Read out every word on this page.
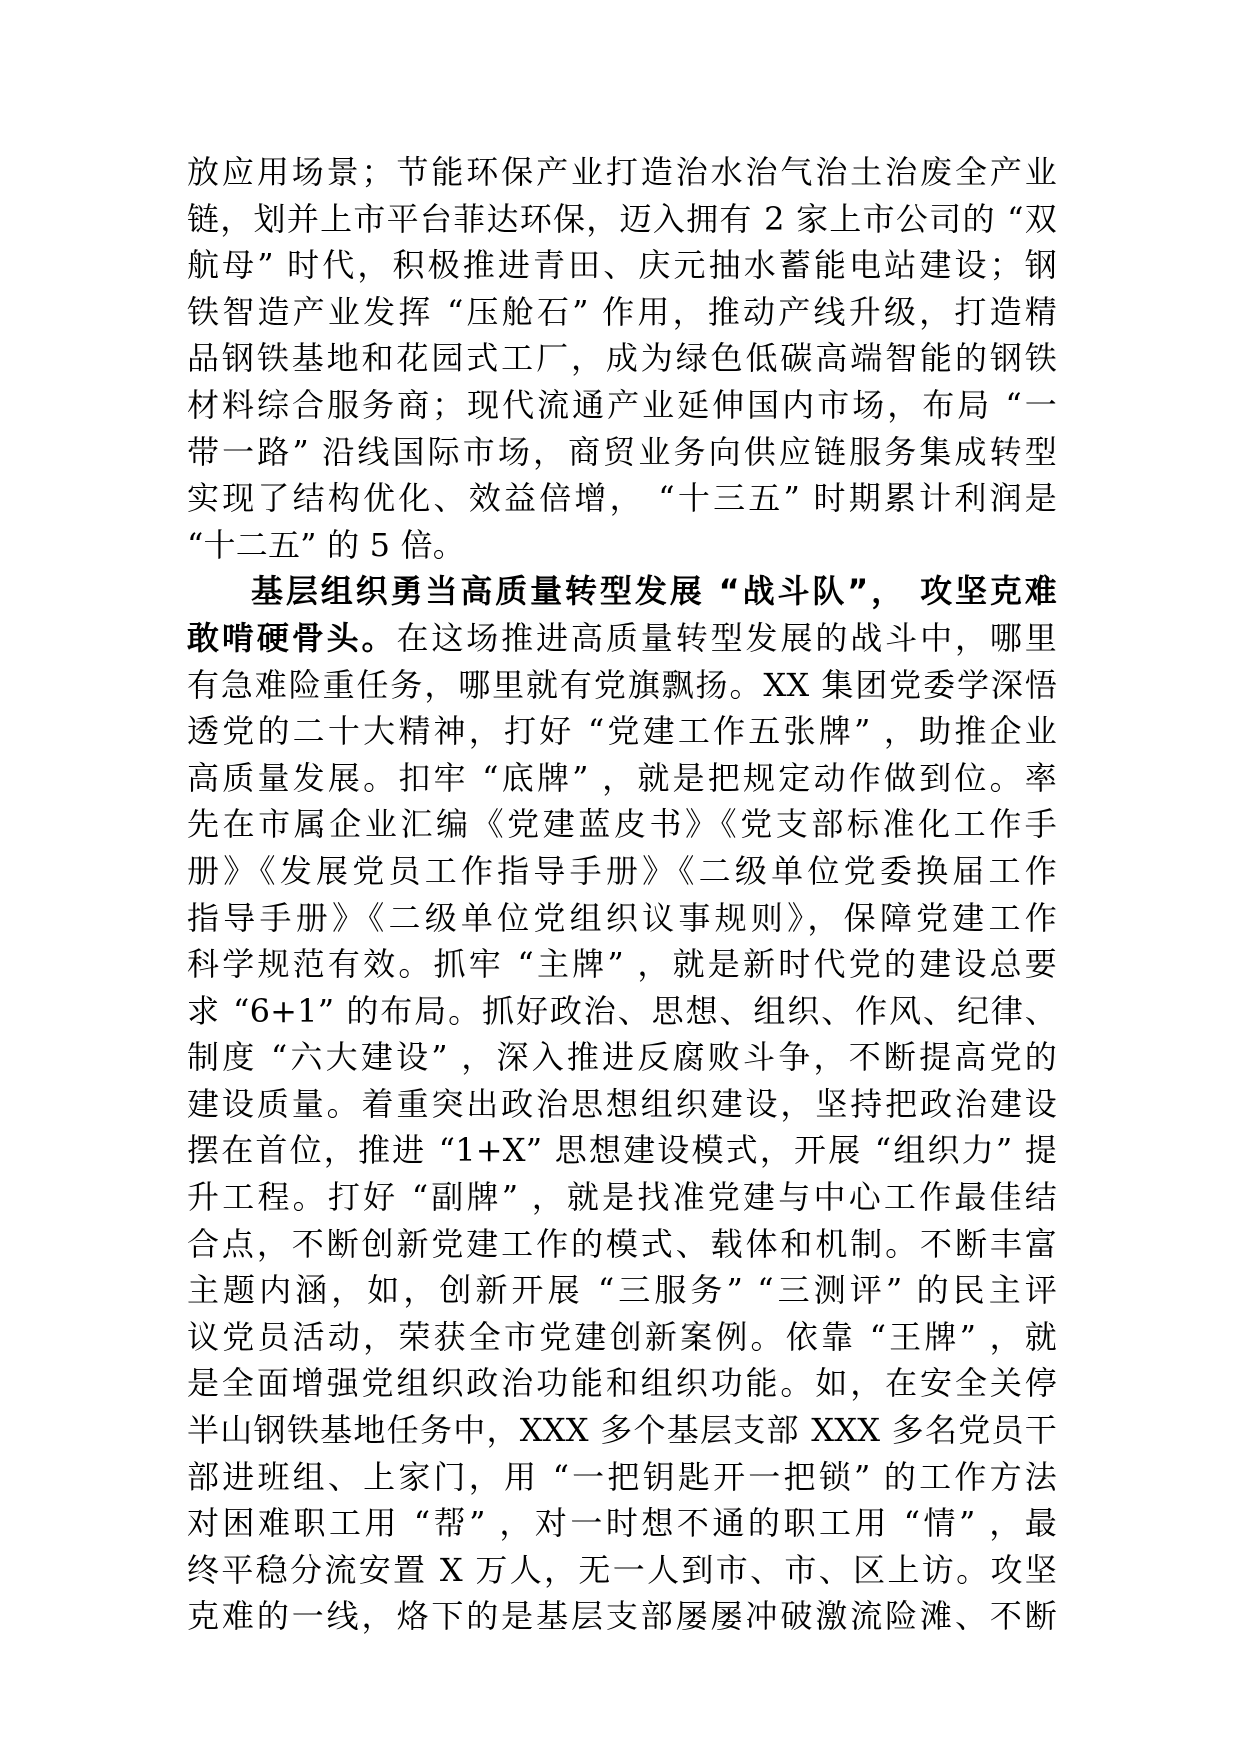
放应用场景；节能环保产业打造治水治气治土治废全产业
链，划并上市平台菲达环保，迈入拥有 2 家上市公司的 “双
航母” 时代，积极推进青田、庆元抽水蓄能电站建设；钢
铁智造产业发挥 “压舱石” 作用，推动产线升级，打造精
品钢铁基地和花园式工厂，成为绿色低碳高端智能的钢铁
材料综合服务商；现代流通产业延伸国内市场，布局 “一
带一路” 沿线国际市场，商贸业务向供应链服务集成转型
实现了结构优化、效益倍增， “十三五” 时期累计利润是
“十二五” 的 5 倍。
基层组织勇当高质量转型发展 “战斗队”， 攻坚克难
敢啃硬骨头。在这场推进高质量转型发展的战斗中，哪里
有急难险重任务，哪里就有党旗飘扬。XX 集团党委学深悟
透党的二十大精神，打好 “党建工作五张牌” ，助推企业
高质量发展。扣牢 “底牌” ，就是把规定动作做到位。率
先在市属企业汇编《党建蓝皮书》《党支部标准化工作手
册》《发展党员工作指导手册》《二级单位党委换届工作
指导手册》《二级单位党组织议事规则》，保障党建工作
科学规范有效。抓牢 “主牌” ，就是新时代党的建设总要
求 “6+1” 的布局。抓好政治、思想、组织、作风、纪律、
制度 “六大建设” ，深入推进反腐败斗争，不断提高党的
建设质量。着重突出政治思想组织建设，坚持把政治建设
摆在首位，推进 “1+X” 思想建设模式，开展 “组织力” 提
升工程。打好 “副牌” ，就是找准党建与中心工作最佳结
合点，不断创新党建工作的模式、载体和机制。不断丰富
主题内涵，如，创新开展 “三服务” “三测评” 的民主评
议党员活动，荣获全市党建创新案例。依靠 “王牌” ，就
是全面增强党组织政治功能和组织功能。如，在安全关停
半山钢铁基地任务中，XXX 多个基层支部 XXX 多名党员干
部进班组、上家门，用 “一把钥匙开一把锁” 的工作方法
对困难职工用 “帮” ，对一时想不通的职工用 “情” ，最
终平稳分流安置 X 万人，无一人到市、市、区上访。攻坚
克难的一线，烙下的是基层支部屡屡冲破激流险滩、不断
